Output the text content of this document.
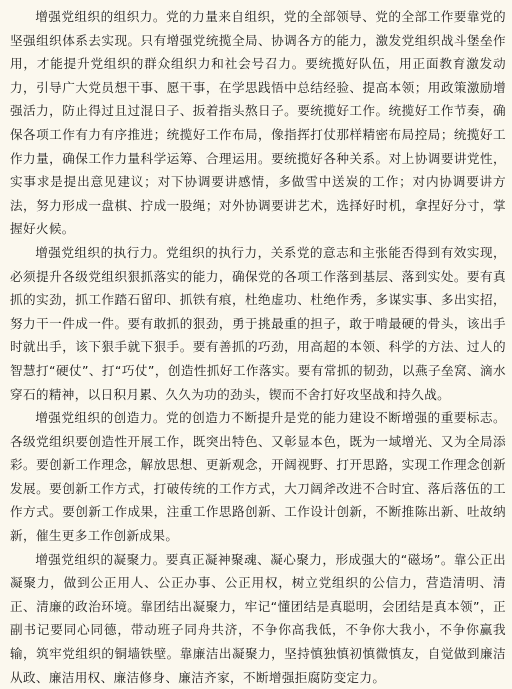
增强党组织的组织力。党的力量来自组织，党的全部领导、党的全部工作要靠党的坚强组织体系去实现。只有增强党统揽全局、协调各方的能力，激发党组织战斗堡垒作用，才能提升党组织的群众组织力和社会号召力。要统揽好队伍，用正面教育激发动力，引导广大党员想干事、愿干事，在学思践悟中总结经验、提高本领；用政策激励增强活力，防止得过且过混日子、扳着指头熬日子。要统揽好工作。统揽好工作节奏，确保各项工作有力有序推进；统揽好工作布局，像指挥打仗那样精密布局控局；统揽好工作力量，确保工作力量科学运筹、合理运用。要统揽好各种关系。对上协调要讲党性，实事求是提出意见建议；对下协调要讲感情，多做雪中送炭的工作；对内协调要讲方法，努力形成一盘棋、拧成一股绳；对外协调要讲艺术，选择好时机，拿捏好分寸，掌握好火候。

增强党组织的执行力。党组织的执行力，关系党的意志和主张能否得到有效实现，必须提升各级党组织狠抓落实的能力，确保党的各项工作落到基层、落到实处。要有真抓的实劲，抓工作踏石留印、抓铁有痕，杜绝虚功、杜绝作秀，多谋实事、多出实招，努力干一件成一件。要有敢抓的狠劲，勇于挑最重的担子，敢于啃最硬的骨头，该出手时就出手，该下狠手就下狠手。要有善抓的巧劲，用高超的本领、科学的方法、过人的智慧打“硬仗”、打“巧仗”，创造性抓好工作落实。要有常抓的韧劲，以燕子垒窝、滴水穿石的精神，以日积月累、久久为功的劲头，锲而不舍打好攻坚战和持久战。

增强党组织的创造力。党的创造力不断提升是党的能力建设不断增强的重要标志。各级党组织要创造性开展工作，既突出特色、又彰显本色，既为一域增光、又为全局添彩。要创新工作理念，解放思想、更新观念，开阔视野、打开思路，实现工作理念创新发展。要创新工作方式，打破传统的工作方式，大刀阔斧改进不合时宜、落后落伍的工作方式。要创新工作成果，注重工作思路创新、工作设计创新，不断推陈出新、吐故纳新，催生更多工作创新成果。

增强党组织的凝聚力。要真正凝神聚魂、凝心聚力，形成强大的“磁场”。靠公正出凝聚力，做到公正用人、公正办事、公正用权，树立党组织的公信力，营造清明、清正、清廉的政治环境。靠团结出凝聚力，牢记“懂团结是真聪明，会团结是真本领”，正副书记要同心同德，带动班子同舟共济，不争你高我低，不争你大我小，不争你赢我输，筑牢党组织的铜墙铁壁。靠廉洁出凝聚力，坚持慎独慎初慎微慎友，自觉做到廉洁从政、廉洁用权、廉洁修身、廉洁齐家，不断增强拒腐防变定力。
